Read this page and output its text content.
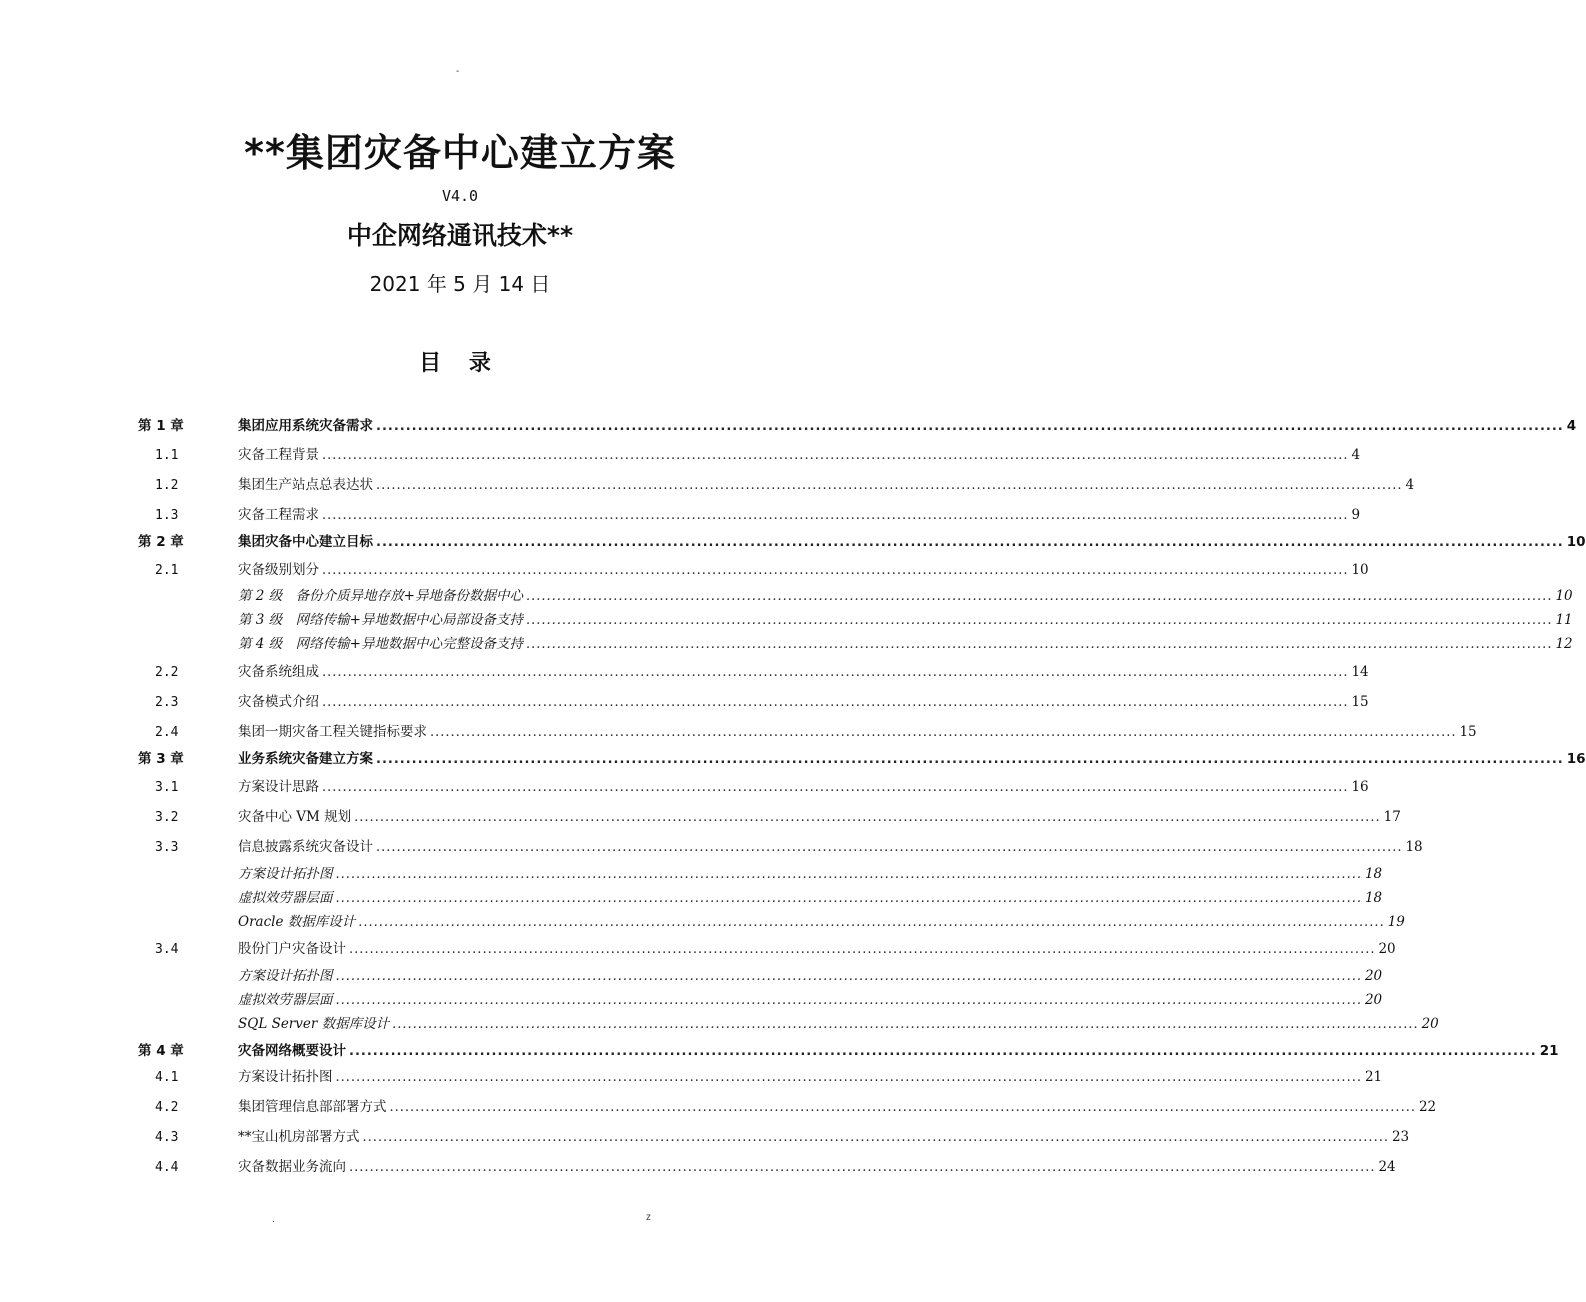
-
**集团灾备中心建立方案
V4.0
中企网络通讯技术**
2021 年 5 月 14 日
目 录
第 1 章	集团应用系统灾备需求 ........................................................................................................................................................................................................ 4
1.1	灾备工程背景 ........................................................................................................................................................................................................ 4
1.2	集团生产站点总表达状 ........................................................................................................................................................................................................ 4
1.3	灾备工程需求 ........................................................................................................................................................................................................ 9
第 2 章	集团灾备中心建立目标 ........................................................................................................................................................................................................ 10
2.1	灾备级别划分 ........................................................................................................................................................................................................ 10
第 2 级　备份介质异地存放+异地备份数据中心 ........................................................................................................................................................................................................ 10
第 3 级　网络传输+异地数据中心局部设备支持 ........................................................................................................................................................................................................ 11
第 4 级　网络传输+异地数据中心完整设备支持 ........................................................................................................................................................................................................ 12
2.2	灾备系统组成 ........................................................................................................................................................................................................ 14
2.3	灾备模式介绍 ........................................................................................................................................................................................................ 15
2.4	集团一期灾备工程关键指标要求 ........................................................................................................................................................................................................ 15
第 3 章	业务系统灾备建立方案 ........................................................................................................................................................................................................ 16
3.1	方案设计思路 ........................................................................................................................................................................................................ 16
3.2	灾备中心 VM 规划 ........................................................................................................................................................................................................ 17
3.3	信息披露系统灾备设计 ........................................................................................................................................................................................................ 18
方案设计拓扑图 ........................................................................................................................................................................................................ 18
虚拟效劳器层面 ........................................................................................................................................................................................................ 18
Oracle 数据库设计 ........................................................................................................................................................................................................ 19
3.4	股份门户灾备设计 ........................................................................................................................................................................................................ 20
方案设计拓扑图 ........................................................................................................................................................................................................ 20
虚拟效劳器层面 ........................................................................................................................................................................................................ 20
SQL Server 数据库设计 ........................................................................................................................................................................................................ 20
第 4 章	灾备网络概要设计 ........................................................................................................................................................................................................ 21
4.1	方案设计拓扑图 ........................................................................................................................................................................................................ 21
4.2	集团管理信息部部署方式 ........................................................................................................................................................................................................ 22
4.3	**宝山机房部署方式 ........................................................................................................................................................................................................ 23
4.4	灾备数据业务流向 ........................................................................................................................................................................................................ 24
.	z
